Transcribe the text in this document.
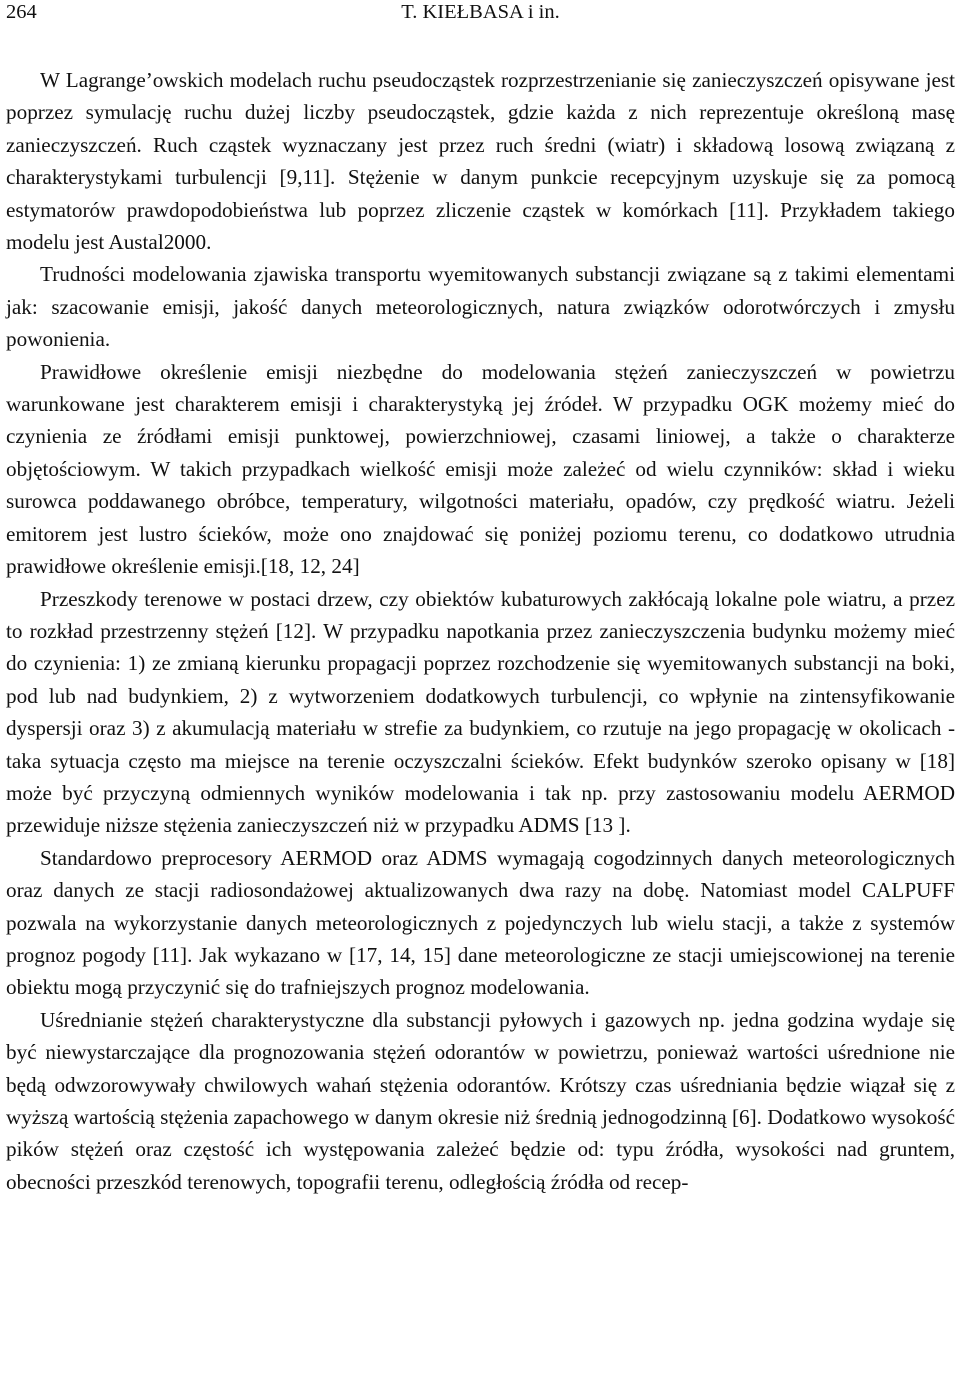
264	T. KIEŁBASA i in.

W Lagrange’owskich modelach ruchu pseudocząstek rozprzestrzenianie się zanieczyszczeń opisywane jest poprzez symulację ruchu dużej liczby pseudocząstek, gdzie każda z nich reprezentuje określoną masę zanieczyszczeń. Ruch cząstek wyznaczany jest przez ruch średni (wiatr) i składową losową związaną z charakterystykami turbulencji [9,11]. Stężenie w danym punkcie recepcyjnym uzyskuje się za pomocą estymatorów prawdopodobieństwa lub poprzez zliczenie cząstek w komórkach [11]. Przykładem takiego modelu jest Austal2000.

Trudności modelowania zjawiska transportu wyemitowanych substancji związane są z takimi elementami jak: szacowanie emisji, jakość danych meteorologicznych, natura związków odorotwórczych i zmysłu powonienia.

Prawidłowe określenie emisji niezbędne do modelowania stężeń zanieczyszczeń w powietrzu warunkowane jest charakterem emisji i charakterystyką jej źródeł. W przypadku OGK możemy mieć do czynienia ze źródłami emisji punktowej, powierzchniowej, czasami liniowej, a także o charakterze objętościowym. W takich przypadkach wielkość emisji może zależeć od wielu czynników: skład i wieku surowca poddawanego obróbce, temperatury, wilgotności materiału, opadów, czy prędkość wiatru. Jeżeli emitorem jest lustro ścieków, może ono znajdować się poniżej poziomu terenu, co dodatkowo utrudnia prawidłowe określenie emisji.[18, 12, 24]

Przeszkody terenowe w postaci drzew, czy obiektów kubaturowych zakłócają lokalne pole wiatru, a przez to rozkład przestrzenny stężeń [12]. W przypadku napotkania przez zanieczyszczenia budynku możemy mieć do czynienia: 1) ze zmianą kierunku propagacji poprzez rozchodzenie się wyemitowanych substancji na boki, pod lub nad budynkiem, 2) z wytworzeniem dodatkowych turbulencji, co wpłynie na zintensyfikowanie dyspersji oraz 3) z akumulacją materiału w strefie za budynkiem, co rzutuje na jego propagację w okolicach - taka sytuacja często ma miejsce na terenie oczyszczalni ścieków. Efekt budynków szeroko opisany w [18] może być przyczyną odmiennych wyników modelowania i tak np. przy zastosowaniu modelu AERMOD przewiduje niższe stężenia zanieczyszczeń niż w przypadku ADMS [13 ].

Standardowo preprocesory AERMOD oraz ADMS wymagają cogodzinnych danych meteorologicznych oraz danych ze stacji radiosondażowej aktualizowanych dwa razy na dobę. Natomiast model CALPUFF pozwala na wykorzystanie danych meteorologicznych z pojedynczych lub wielu stacji, a także z systemów prognoz pogody [11]. Jak wykazano w [17, 14, 15] dane meteorologiczne ze stacji umiejscowionej na terenie obiektu mogą przyczynić się do trafniejszych prognoz modelowania.

Uśrednianie stężeń charakterystyczne dla substancji pyłowych i gazowych np. jedna godzina wydaje się być niewystarczające dla prognozowania stężeń odorantów w powietrzu, ponieważ wartości uśrednione nie będą odwzorowywały chwilowych wahań stężenia odorantów. Krótszy czas uśredniania będzie wiązał się z wyższą wartością stężenia zapachowego w danym okresie niż średnią jednogodzinną [6]. Dodatkowo wysokość pików stężeń oraz częstość ich występowania zależeć będzie od: typu źródła, wysokości nad gruntem, obecności przeszkód terenowych, topografii terenu, odległością źródła od recep-
